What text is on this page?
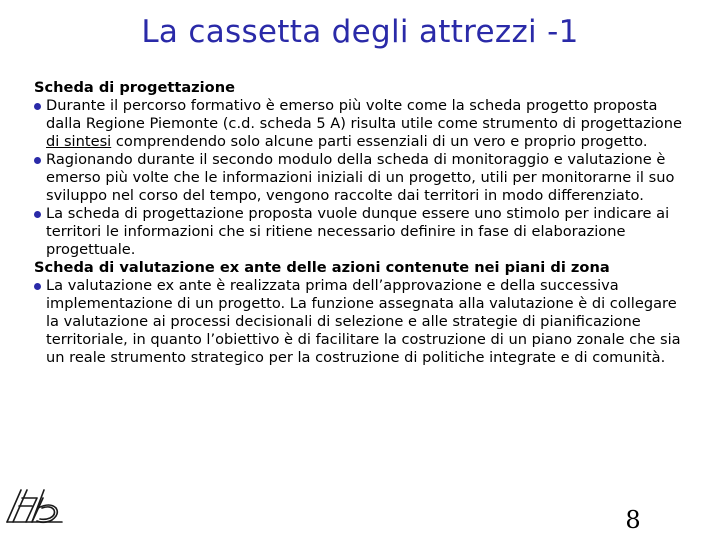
La cassetta degli attrezzi -1

Scheda di progettazione

Durante il percorso formativo è emerso più volte come la scheda progetto proposta dalla Regione Piemonte (c.d. scheda 5 A) risulta utile come strumento di progettazione di sintesi comprendendo solo alcune parti essenziali di un vero e proprio progetto.

Ragionando durante il secondo modulo della scheda di monitoraggio e valutazione è emerso più volte che le informazioni iniziali di un progetto, utili per monitorarne il suo sviluppo nel corso del tempo, vengono raccolte dai territori in modo differenziato.

La scheda di progettazione proposta vuole dunque essere uno stimolo per indicare ai territori le informazioni che si ritiene necessario definire in fase di elaborazione progettuale.

Scheda di valutazione ex ante delle azioni contenute nei piani di zona

La valutazione ex ante è realizzata prima dell’approvazione e della successiva implementazione di un progetto. La funzione assegnata alla valutazione è di collegare la valutazione ai processi decisionali di selezione e alle strategie di pianificazione territoriale, in quanto l’obiettivo è di facilitare la costruzione di un piano zonale che sia un reale strumento strategico per la costruzione di politiche integrate e di comunità.

8
